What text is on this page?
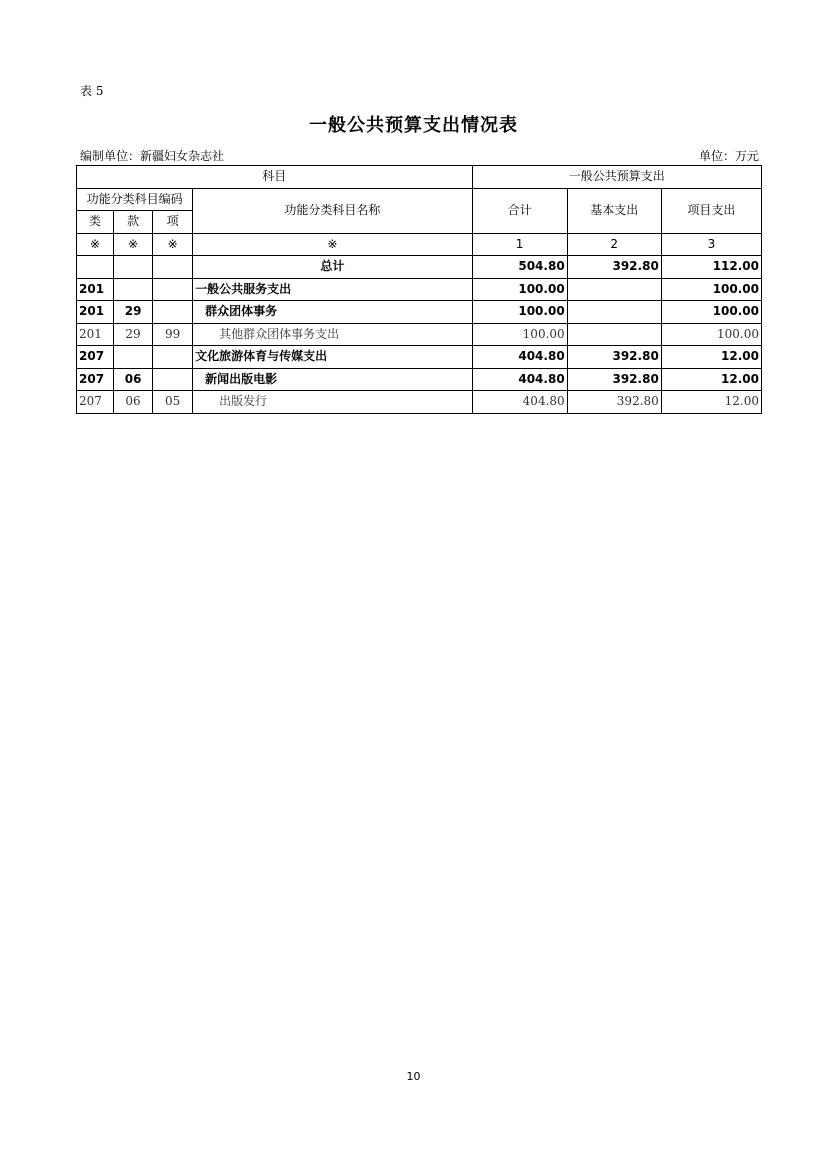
表 5
一般公共预算支出情况表
编制单位：新疆妇女杂志社	单位：万元
科目				一般公共预算支出		
功能分类科目编码			功能分类科目名称	合计	基本支出	项目支出
类	款	项				
※	※	※	※	1	2	3
			总计	504.80	392.80	112.00
201			一般公共服务支出	100.00		100.00
201	29		群众团体事务	100.00		100.00
201	29	99	其他群众团体事务支出	100.00		100.00
207			文化旅游体育与传媒支出	404.80	392.80	12.00
207	06		新闻出版电影	404.80	392.80	12.00
207	06	05	出版发行	404.80	392.80	12.00
10
